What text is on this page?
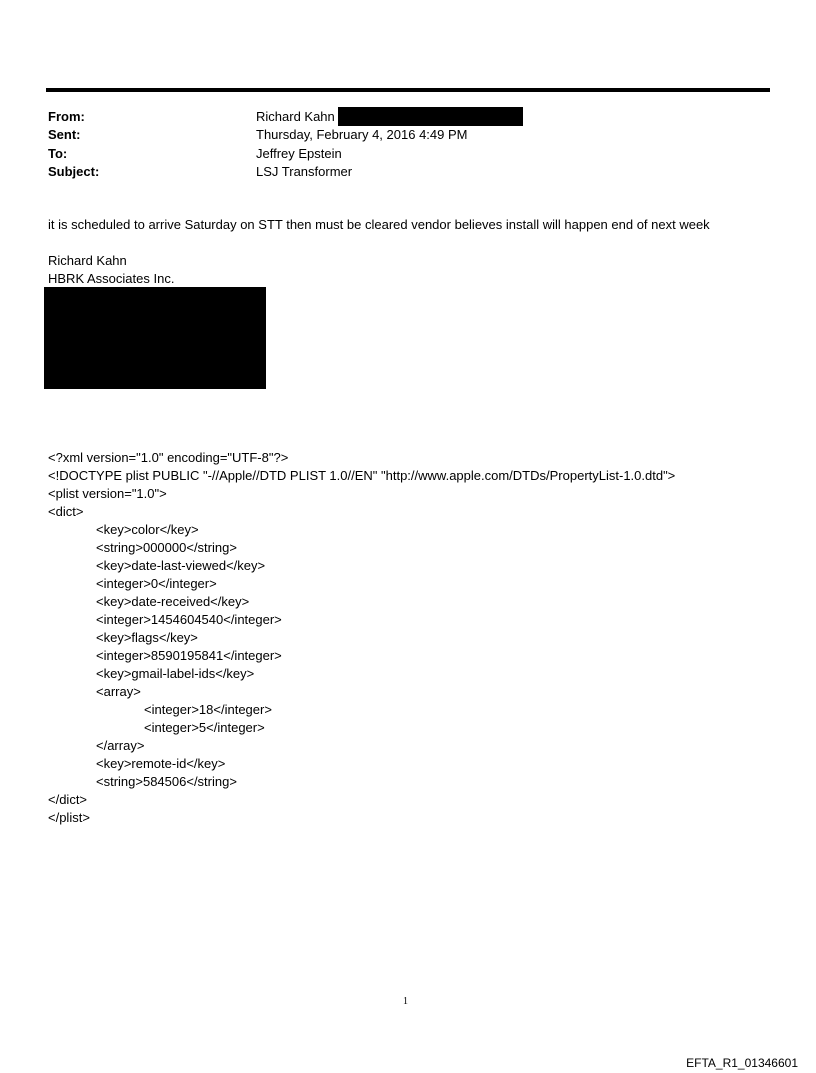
From:	Richard Kahn
Sent:	Thursday, February 4, 2016 4:49 PM
To:	Jeffrey Epstein
Subject:	LSJ Transformer
it is scheduled to arrive Saturday on STT then must be cleared vendor believes install will happen end of next week
Richard Kahn
HBRK Associates Inc.
<?xml version="1.0" encoding="UTF-8"?>
<!DOCTYPE plist PUBLIC "-//Apple//DTD PLIST 1.0//EN" "http://www.apple.com/DTDs/PropertyList-1.0.dtd">
<plist version="1.0">
<dict>
<key>color</key>
<string>000000</string>
<key>date-last-viewed</key>
<integer>0</integer>
<key>date-received</key>
<integer>1454604540</integer>
<key>flags</key>
<integer>8590195841</integer>
<key>gmail-label-ids</key>
<array>
<integer>18</integer>
<integer>5</integer>
</array>
<key>remote-id</key>
<string>584506</string>
</dict>
</plist>
1
EFTA_R1_01346601
